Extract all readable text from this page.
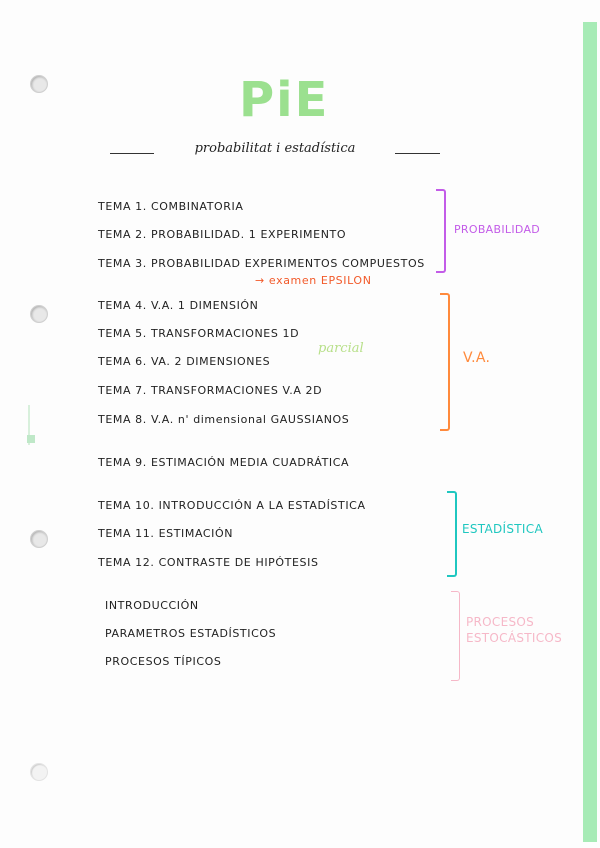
PiE
probabilitat i estadística

TEMA 1. COMBINATORIA

TEMA 2. PROBABILIDAD. 1 EXPERIMENTO

TEMA 3. PROBABILIDAD EXPERIMENTOS COMPUESTOS

→ examen EPSILON

TEMA 4. V.A. 1 DIMENSIÓN

TEMA 5. TRANSFORMACIONES 1D

TEMA 6. VA. 2 DIMENSIONES

parcial

TEMA 7. TRANSFORMACIONES V.A 2D

TEMA 8. V.A. n' dimensional GAUSSIANOS

TEMA 9. ESTIMACIÓN MEDIA CUADRÁTICA

TEMA 10. INTRODUCCIÓN A LA ESTADÍSTICA

TEMA 11. ESTIMACIÓN

TEMA 12. CONTRASTE DE HIPÓTESIS

PROBABILIDAD
V.A.
ESTADÍSTICA
PROCESOS ESTOCÁSTICOS

INTRODUCCIÓN

PARAMETROS ESTADÍSTICOS

PROCESOS TÍPICOS
